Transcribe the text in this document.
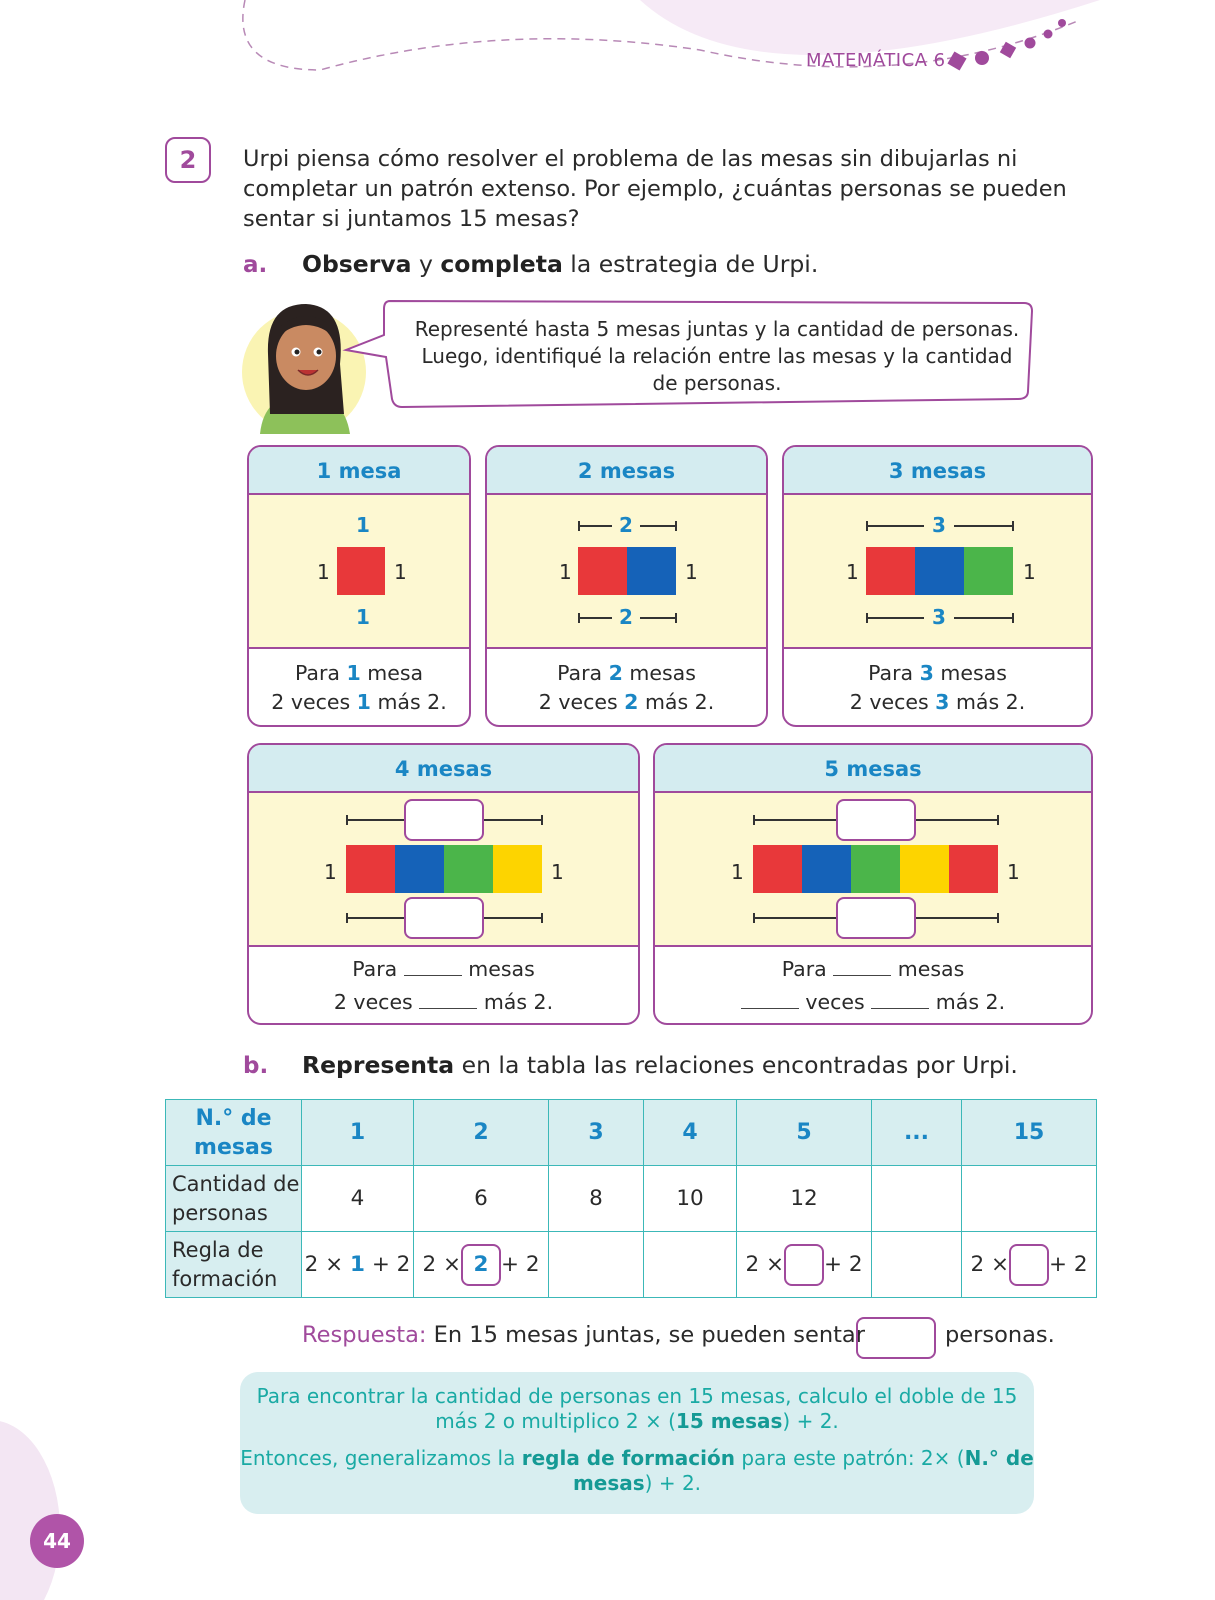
MATEMÁTICA 6
2	Urpi piensa cómo resolver el problema de las mesas sin dibujarlas ni completar un patrón extenso. Por ejemplo, ¿cuántas personas se pueden sentar si juntamos 15 mesas?
a. Observa y completa la estrategia de Urpi.
Representé hasta 5 mesas juntas y la cantidad de personas. Luego, identifiqué la relación entre las mesas y la cantidad de personas.
1 mesa
1
1	1
1
Para 1 mesa
2 veces 1 más 2.
2 mesas
2
1	1
2
Para 2 mesas
2 veces 2 más 2.
3 mesas
3
1	1
3
Para 3 mesas
2 veces 3 más 2.
4 mesas
1	1
Para	mesas
2 veces	más 2.
5 mesas
1	1
Para	mesas
veces	más 2.
b. Representa en la tabla las relaciones encontradas por Urpi.
N.° de mesas	1	2	3	4	5	...	15
Cantidad de personas	4	6	8	10	12		
Regla de formación	2 × 1 + 2	2 × 2 + 2			2 × + 2		2 × + 2
Respuesta: En 15 mesas juntas, se pueden sentar	personas.

Para encontrar la cantidad de personas en 15 mesas, calculo el doble de 15 más 2 o multiplico 2 × (15 mesas) + 2.

Entonces, generalizamos la regla de formación para este patrón: 2× (N.° de mesas) + 2.

44
